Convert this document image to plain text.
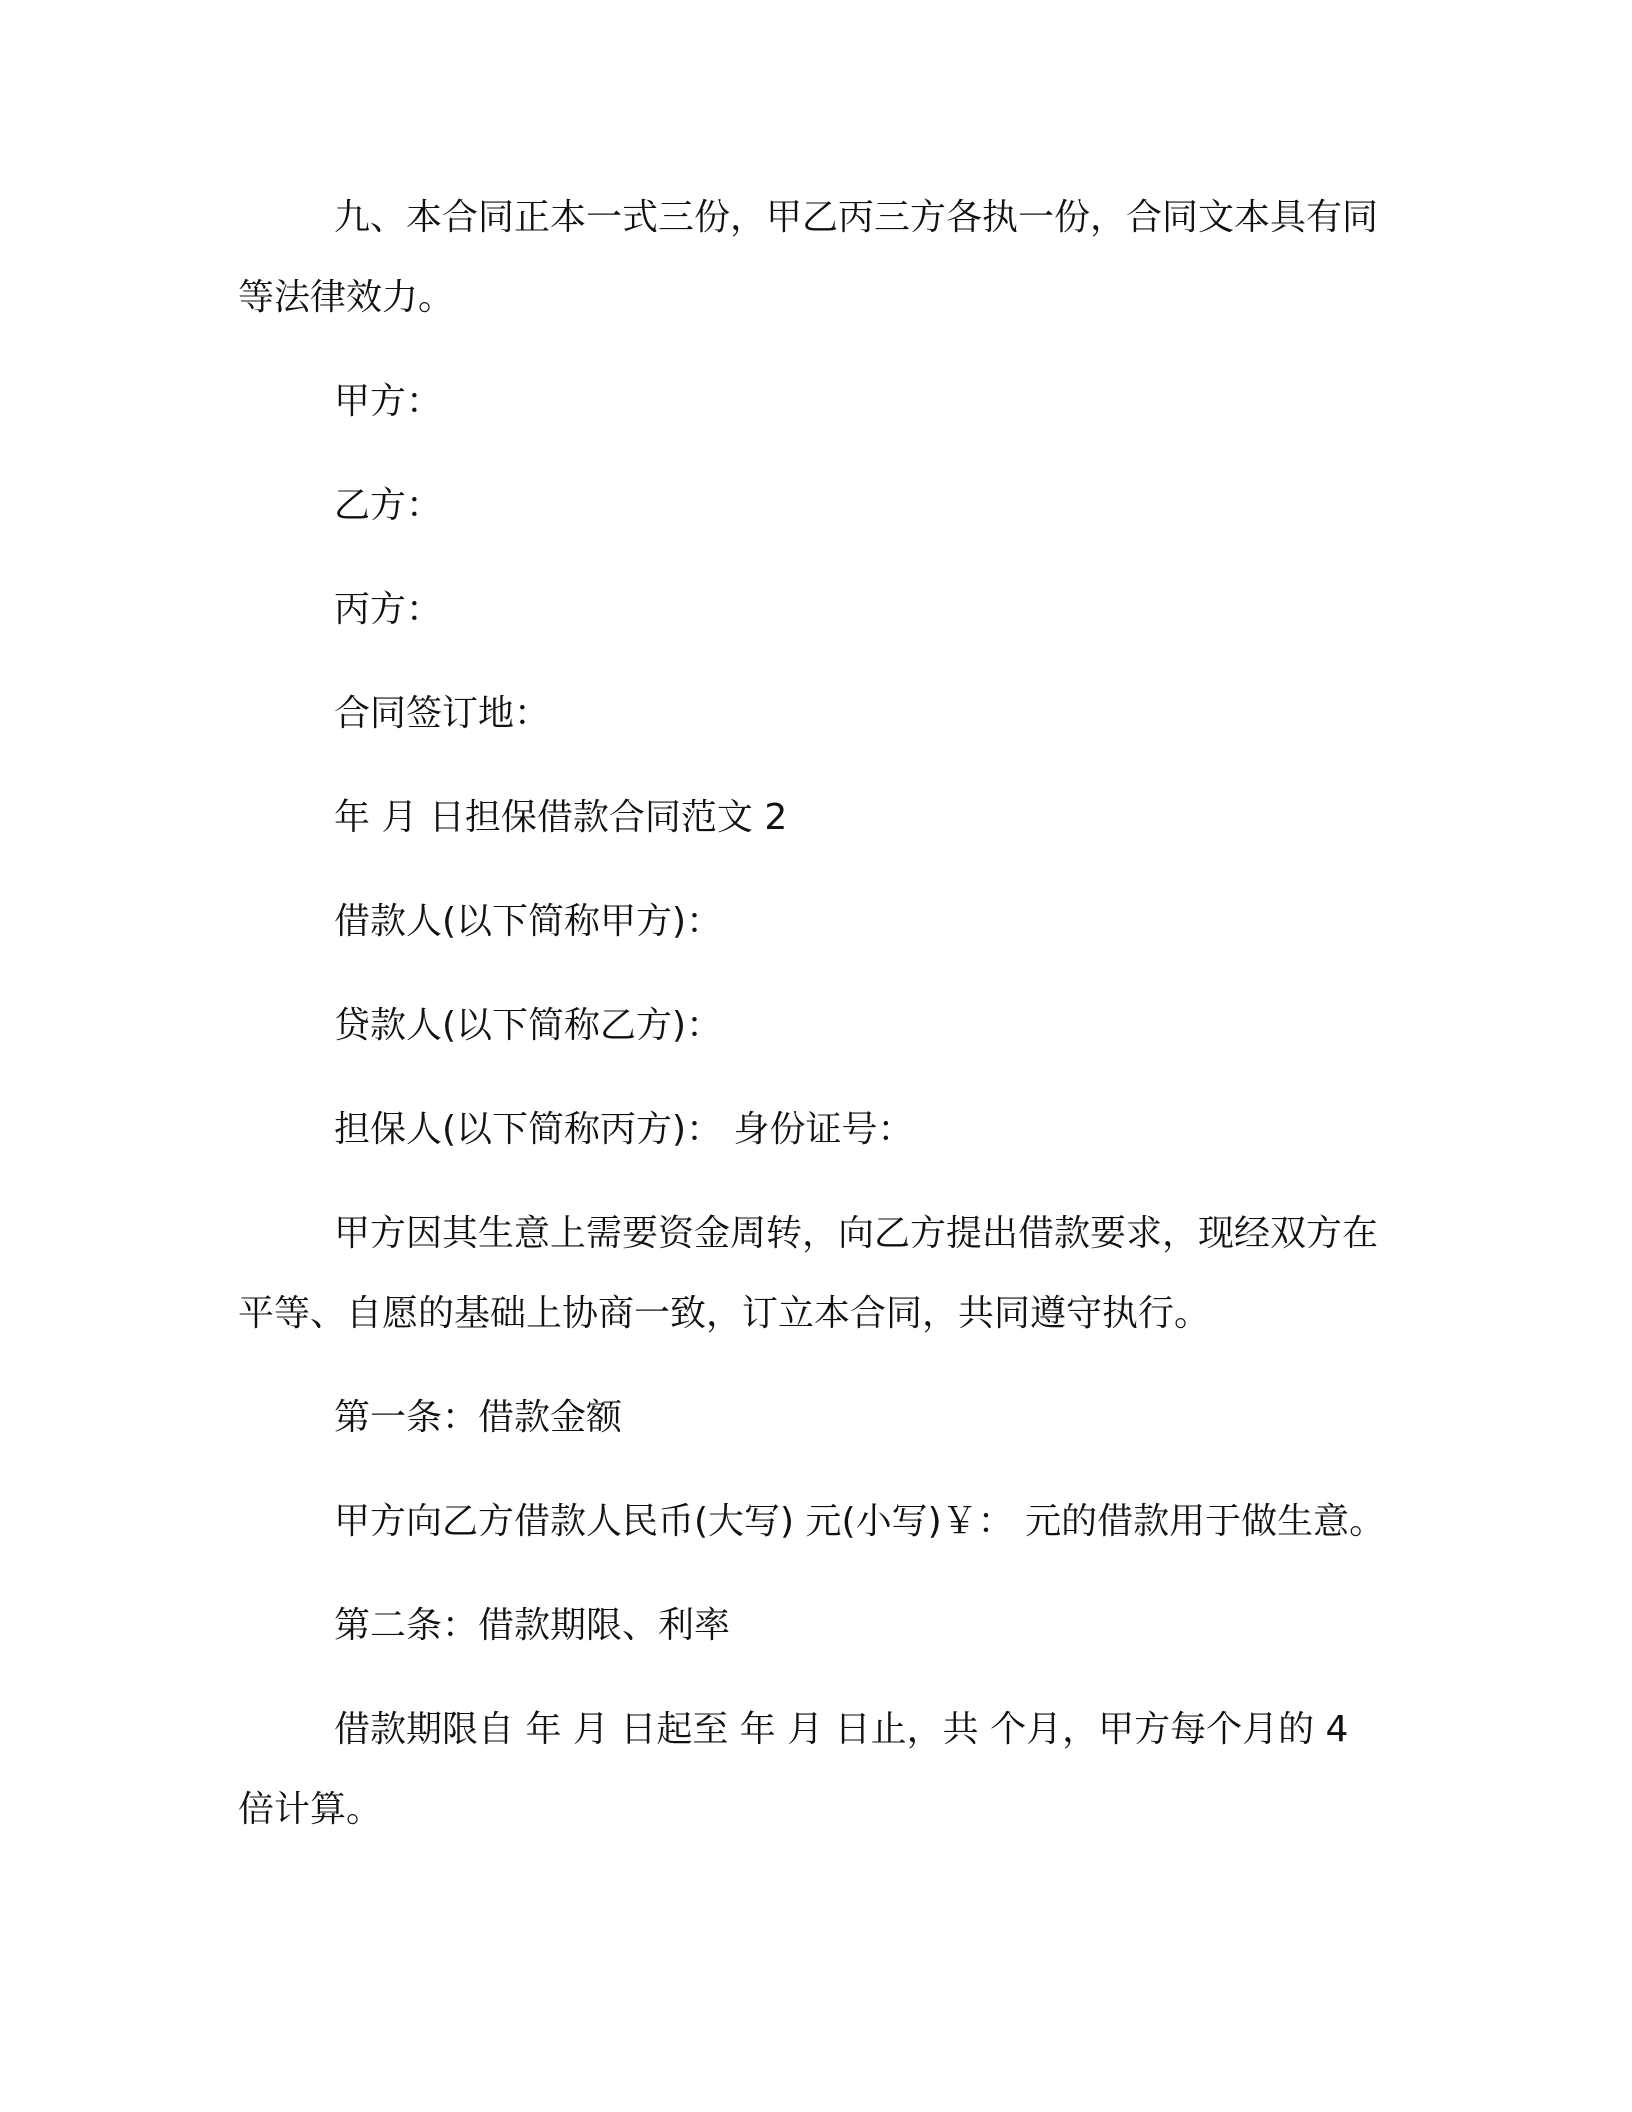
九、本合同正本一式三份，甲乙丙三方各执一份，合同文本具有同等法律效力。

甲方：

乙方：

丙方：

合同签订地：

年 月 日担保借款合同范文 2

借款人(以下简称甲方)：

贷款人(以下简称乙方)：

担保人(以下简称丙方)： 身份证号：

甲方因其生意上需要资金周转，向乙方提出借款要求，现经双方在平等、自愿的基础上协商一致，订立本合同，共同遵守执行。

第一条：借款金额

甲方向乙方借款人民币(大写) 元(小写)￥： 元的借款用于做生意。

第二条：借款期限、利率

借款期限自 年 月 日起至 年 月 日止，共 个月，甲方每个月的 4 倍计算。
